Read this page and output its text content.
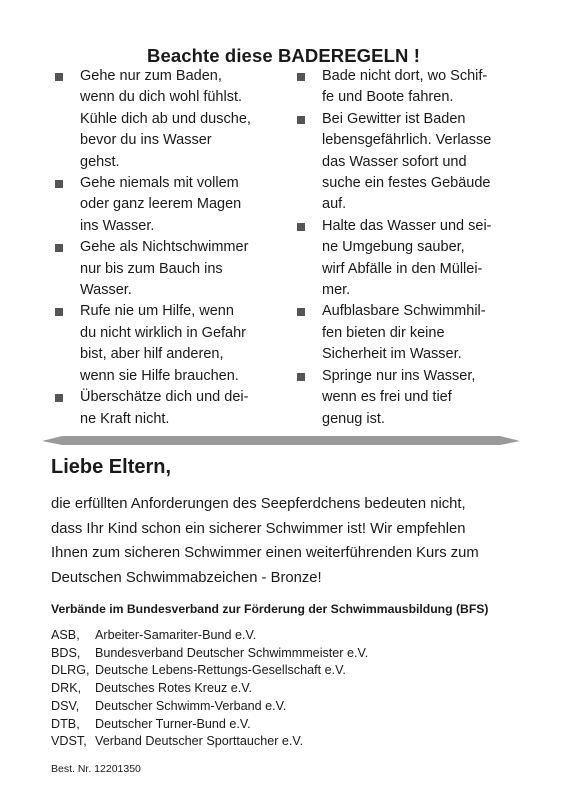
Beachte diese BADEREGELN !
Gehe nur zum Baden,
wenn du dich wohl fühlst.
Kühle dich ab und dusche,
bevor du ins Wasser
gehst.
Gehe niemals mit vollem
oder ganz leerem Magen
ins Wasser.
Gehe als Nichtschwimmer
nur bis zum Bauch ins
Wasser.
Rufe nie um Hilfe, wenn
du nicht wirklich in Gefahr
bist, aber hilf anderen,
wenn sie Hilfe brauchen.
Überschätze dich und dei-
ne Kraft nicht.
Bade nicht dort, wo Schif-
fe und Boote fahren.
Bei Gewitter ist Baden
lebensgefährlich. Verlasse
das Wasser sofort und
suche ein festes Gebäude
auf.
Halte das Wasser und sei-
ne Umgebung sauber,
wirf Abfälle in den Müllei-
mer.
Aufblasbare Schwimmhil-
fen bieten dir keine
Sicherheit im Wasser.
Springe nur ins Wasser,
wenn es frei und tief
genug ist.
Liebe Eltern,

die erfüllten Anforderungen des Seepferdchens bedeuten nicht,
dass Ihr Kind schon ein sicherer Schwimmer ist! Wir empfehlen
Ihnen zum sicheren Schwimmer einen weiterführenden Kurs zum
Deutschen Schwimmabzeichen - Bronze!

Verbände im Bundesverband zur Förderung der Schwimmausbildung (BFS)
ASB,	Arbeiter-Samariter-Bund e.V.
BDS,	Bundesverband Deutscher Schwimmmeister e.V.
DLRG, Deutsche Lebens-Rettungs-Gesellschaft e.V.
DRK,	Deutsches Rotes Kreuz e.V.
DSV,	Deutscher Schwimm-Verband e.V.
DTB,	Deutscher Turner-Bund e.V.
VDST, Verband Deutscher Sporttaucher e.V.

Best. Nr. 12201350
